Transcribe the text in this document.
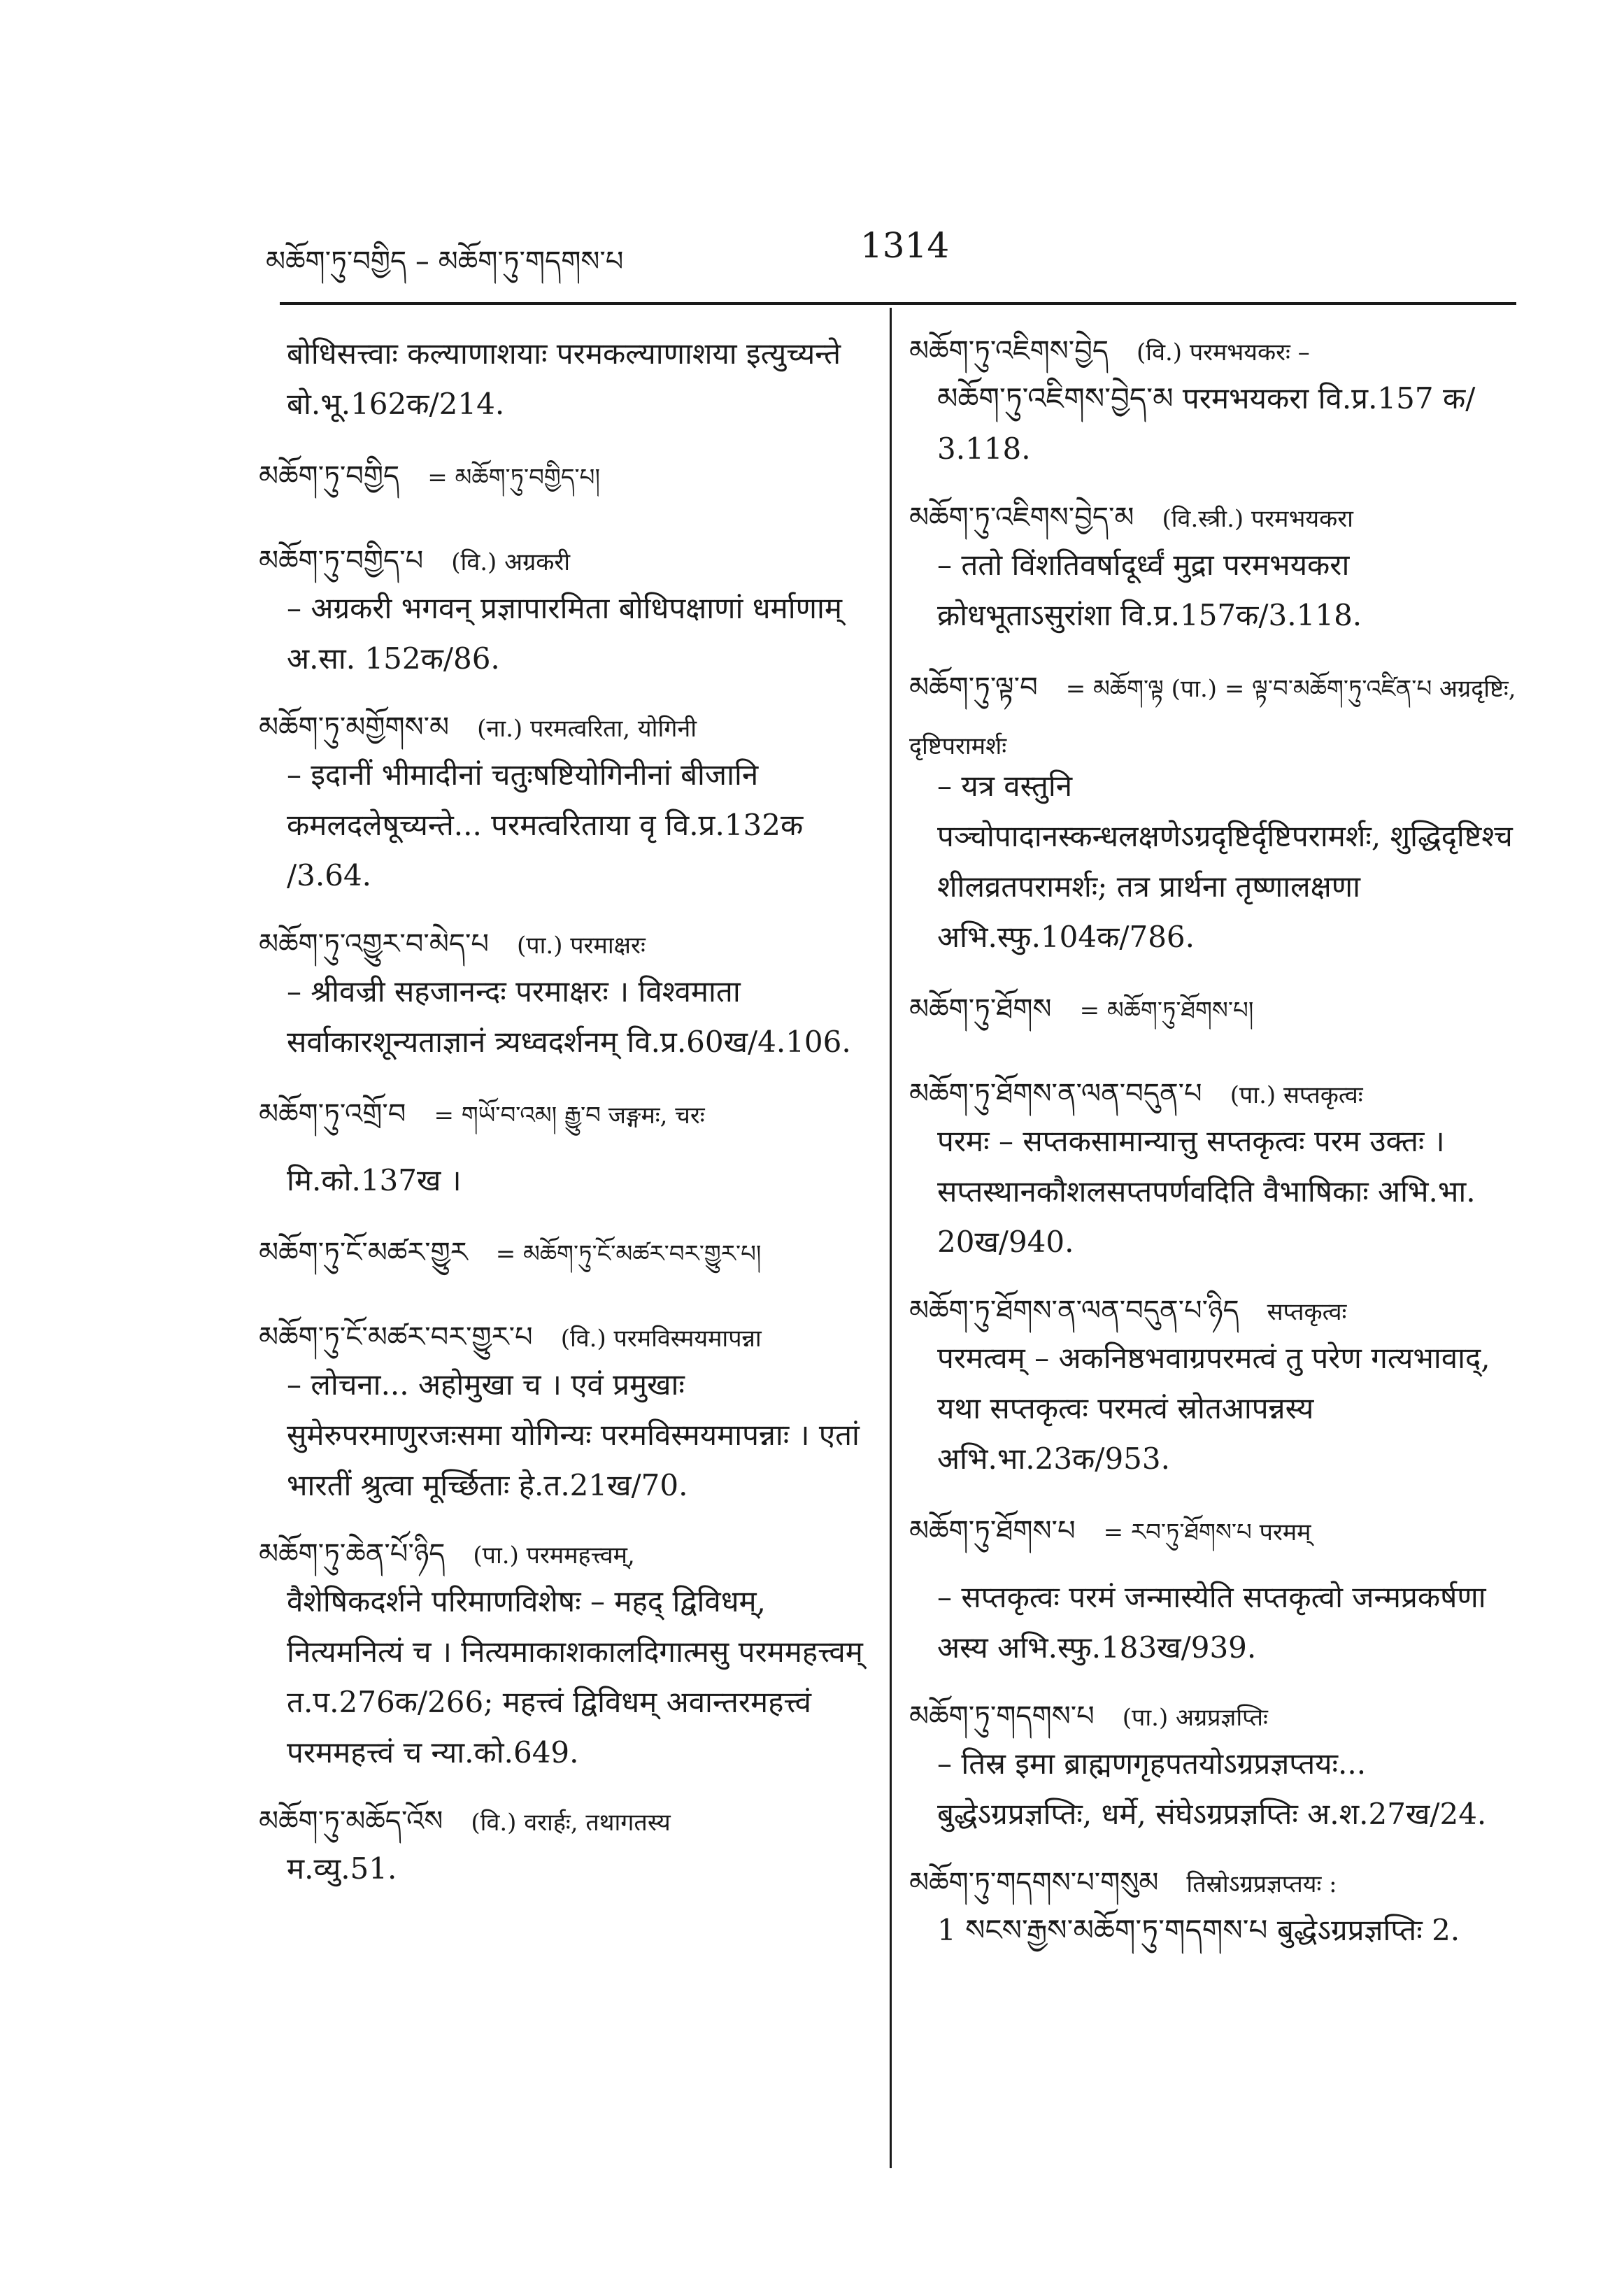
མཆོག་ཏུ་བགྱིད – མཆོག་ཏུ་གདགས་པ	1314
बोधिसत्त्वाः कल्याणाशयाः परमकल्याणाशया इत्युच्यन्ते बो.भू.162क/214.
མཆོག་ཏུ་བགྱིད = མཆོག་ཏུ་བགྱིད་པ།
མཆོག་ཏུ་བགྱིད་པ (वि.) अग्रकरी
– अग्रकरी भगवन् प्रज्ञापारमिता बोधिपक्षाणां धर्माणाम् अ.सा. 152क/86.
མཆོག་ཏུ་མགྱོགས་མ (ना.) परमत्वरिता, योगिनी
– इदानीं भीमादीनां चतुःषष्टियोगिनीनां बीजानि कमलदलेषूच्यन्ते... परमत्वरिताया वृ वि.प्र.132क /3.64.
མཆོག་ཏུ་འགྱུར་བ་མེད་པ (पा.) परमाक्षरः
– श्रीवज्री सहजानन्दः परमाक्षरः । विश्वमाता सर्वाकारशून्यताज्ञानं त्र्यध्वदर्शनम् वि.प्र.60ख/4.106.
མཆོག་ཏུ་འགྲོ་བ = གཡོ་བ་འམ། རྒྱུ་བ जङ्गमः, चरः
मि.को.137ख ।
མཆོག་ཏུ་ངོ་མཚར་གྱུར = མཆོག་ཏུ་ངོ་མཚར་བར་གྱུར་པ།
མཆོག་ཏུ་ངོ་མཚར་བར་གྱུར་པ (वि.) परमविस्मयमापन्ना
– लोचना... अहोमुखा च । एवं प्रमुखाः सुमेरुपरमाणुरजःसमा योगिन्यः परमविस्मयमापन्नाः । एतां भारतीं श्रुत्वा मूर्च्छिताः हे.त.21ख/70.
མཆོག་ཏུ་ཆེན་པོ་ཉིད (पा.) परममहत्त्वम्,
वैशेषिकदर्शने परिमाणविशेषः – महद् द्विविधम्, नित्यमनित्यं च । नित्यमाकाशकालदिगात्मसु परममहत्त्वम् त.प.276क/266; महत्त्वं द्विविधम् अवान्तरमहत्त्वं परममहत्त्वं च न्या.को.649.
མཆོག་ཏུ་མཆོད་འོས (वि.) वरार्हः, तथागतस्य
म.व्यु.51.
མཆོག་ཏུ་འཇིགས་བྱེད (वि.) परमभयकरः –
མཆོག་ཏུ་འཇིགས་བྱེད་མ परमभयकरा वि.प्र.157 क/ 3.118.
མཆོག་ཏུ་འཇིགས་བྱེད་མ (वि.स्त्री.) परमभयकरा
– ततो विंशतिवर्षादूर्ध्वं मुद्रा परमभयकरा क्रोधभूताऽसुरांशा वि.प्र.157क/3.118.
མཆོག་ཏུ་ལྟ་བ = མཆོག་ལྟ (पा.) = ལྟ་བ་མཆོག་ཏུ་འཛིན་པ अग्रदृष्टिः, दृष्टिपरामर्शः
– यत्र वस्तुनि पञ्चोपादानस्कन्धलक्षणेऽग्रदृष्टिर्दृष्टिपरामर्शः, शुद्धिदृष्टिश्च शीलव्रतपरामर्शः; तत्र प्रार्थना तृष्णालक्षणा अभि.स्फु.104क/786.
མཆོག་ཏུ་ཐོགས = མཆོག་ཏུ་ཐོགས་པ།
མཆོག་ཏུ་ཐོགས་ན་ལན་བདུན་པ (पा.) सप्तकृत्वः
परमः – सप्तकसामान्यात्तु सप्तकृत्वः परम उक्तः । सप्तस्थानकौशलसप्तपर्णवदिति वैभाषिकाः अभि.भा. 20ख/940.
མཆོག་ཏུ་ཐོགས་ན་ལན་བདུན་པ་ཉིད सप्तकृत्वः
परमत्वम् – अकनिष्ठभवाग्रपरमत्वं तु परेण गत्यभावाद्, यथा सप्तकृत्वः परमत्वं स्रोतआपन्नस्य अभि.भा.23क/953.
མཆོག་ཏུ་ཐོགས་པ = རབ་ཏུ་ཐོགས་པ परमम्
– सप्तकृत्वः परमं जन्मास्येति सप्तकृत्वो जन्मप्रकर्षणा अस्य अभि.स्फु.183ख/939.
མཆོག་ཏུ་གདགས་པ (पा.) अग्रप्रज्ञप्तिः
– तिस्र इमा ब्राह्मणगृहपतयोऽग्रप्रज्ञप्तयः... बुद्धेऽग्रप्रज्ञप्तिः, धर्मे, संघेऽग्रप्रज्ञप्तिः अ.श.27ख/24.
མཆོག་ཏུ་གདགས་པ་གསུམ तिस्रोऽग्रप्रज्ञप्तयः :
1 སངས་རྒྱས་མཆོག་ཏུ་གདགས་པ बुद्धेऽग्रप्रज्ञप्तिः 2.
